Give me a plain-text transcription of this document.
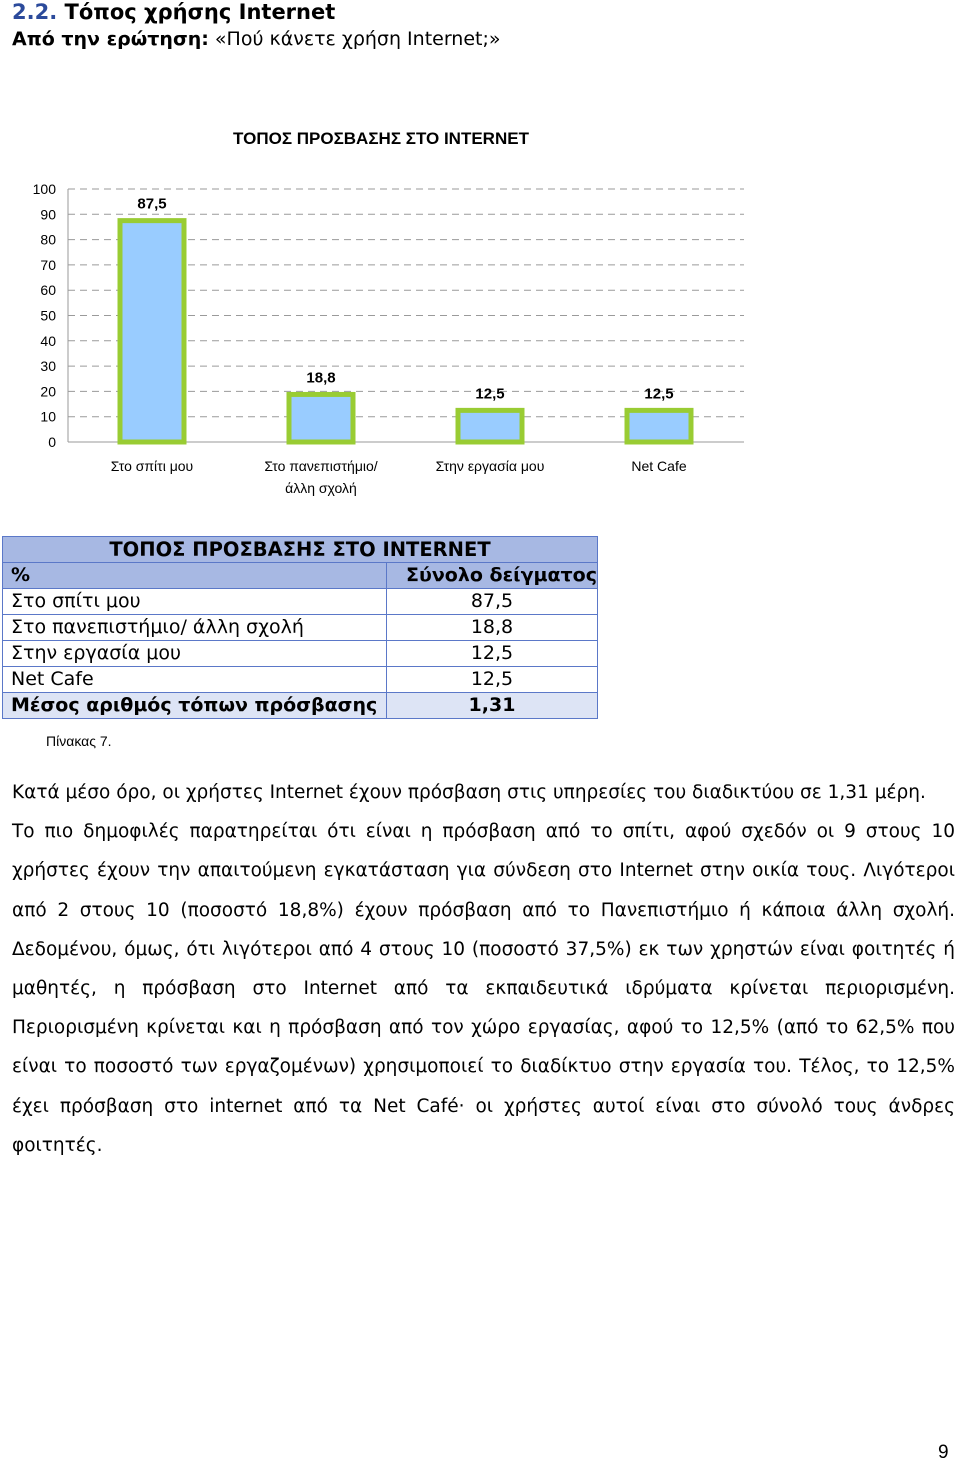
2.2. Τόπος χρήσης Internet
Από την ερώτηση: «Πού κάνετε χρήση Internet;»
ΤΟΠΟΣ ΠΡΟΣΒΑΣΗΣ ΣΤΟ INTERNET
0
10
20
30
40
50
60
70
80
90
100
87,5
18,8
12,5	12,5
Στο σπίτι μου	Στο πανεπιστήμιο/
άλλη σχολή
Στην εργασία μου	Net Cafe
ΤΟΠΟΣ ΠΡΟΣΒΑΣΗΣ ΣΤΟ INTERNET	
%	Σύνολο δείγματος
Στο σπίτι μου	87,5
Στο πανεπιστήμιο/ άλλη σχολή	18,8
Στην εργασία μου	12,5
Net Cafe	12,5
Μέσος αριθμός τόπων πρόσβασης	1,31
Πίνακας 7.

Κατά μέσο όρο, οι χρήστες Internet έχουν πρόσβαση στις υπηρεσίες του διαδικτύου σε 1,31 μέρη.

Το πιο δημοφιλές παρατηρείται ότι είναι η πρόσβαση από το σπίτι, αφού σχεδόν οι 9 στους 10 χρήστες έχουν την απαιτούμενη εγκατάσταση για σύνδεση στο Internet στην οικία τους. Λιγότεροι από 2 στους 10 (ποσοστό 18,8%) έχουν πρόσβαση από το Πανεπιστήμιο ή κάποια άλλη σχολή. Δεδομένου, όμως, ότι λιγότεροι από 4 στους 10 (ποσοστό 37,5%) εκ των χρηστών είναι φοιτητές ή μαθητές, η πρόσβαση στο Internet από τα εκπαιδευτικά ιδρύματα κρίνεται περιορισμένη. Περιορισμένη κρίνεται και η πρόσβαση από τον χώρο εργασίας, αφού το 12,5% (από το 62,5% που είναι το ποσοστό των εργαζομένων) χρησιμοποιεί το διαδίκτυο στην εργασία του. Τέλος, το 12,5% έχει πρόσβαση στο internet από τα Net Café· οι χρήστες αυτοί είναι στο σύνολό τους άνδρες φοιτητές.

9
